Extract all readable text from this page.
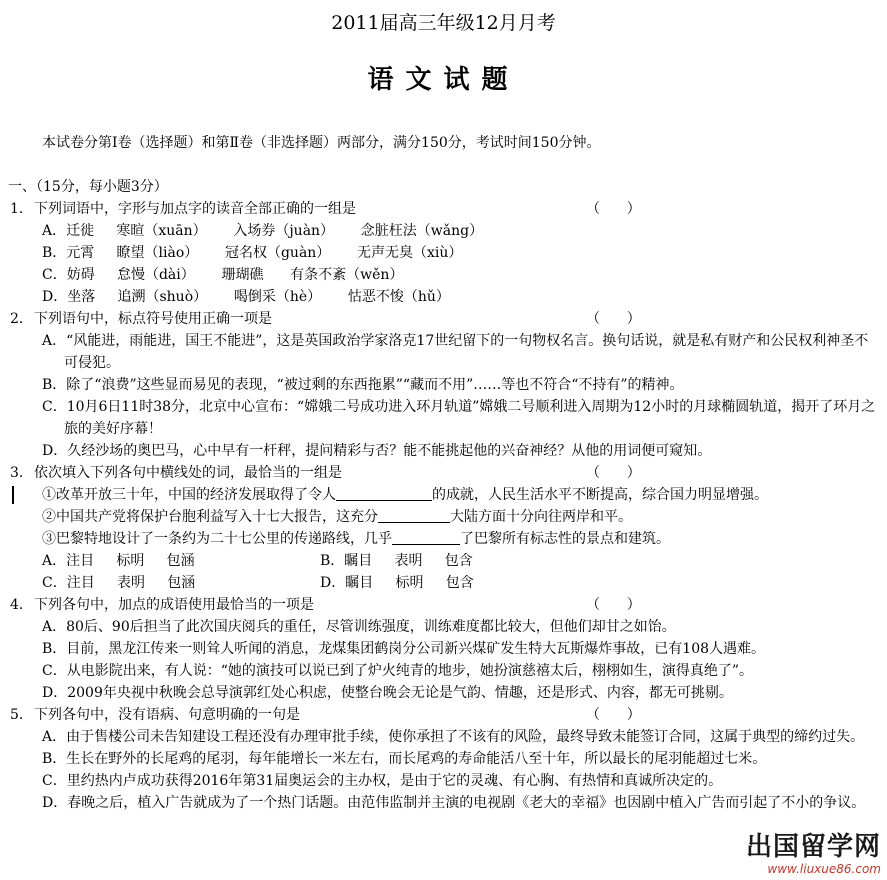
2011届高三年级12月月考
语文试题
本试卷分第Ⅰ卷（选择题）和第Ⅱ卷（非选择题）两部分，满分150分，考试时间150分钟。
一、（15分，每小题3分）
1． 下列词语中，字形与加点字的读音全部正确的一组是	（      ）
A．迁徙     寒暄（xuān）      入场券（juàn）      念脏枉法（wǎng）
B．元霄     瞭望（liào）      冠名权（guàn）      无声无臭（xiù）
C．妨碍     怠慢（dài）      珊瑚礁      有条不紊（wěn）
D．坐落     追溯（shuò）      喝倒采（hè）      怙恶不悛（hǔ）
2． 下列语句中，标点符号使用正确一项是	（      ）
A．“风能进，雨能进，国王不能进”，这是英国政治学家洛克17世纪留下的一句物权名言。换句话说，就是私有财产和公民权利神圣不可侵犯。
B．除了“浪费”这些显而易见的表现，“被过剩的东西拖累”“藏而不用”……等也不符合“不持有”的精神。
C．10月6日11时38分，北京中心宣布：“嫦娥二号成功进入环月轨道”嫦娥二号顺利进入周期为12小时的月球椭圆轨道，揭开了环月之旅的美好序幕！
D．久经沙场的奥巴马，心中早有一杆秤，提问精彩与否？能不能挑起他的兴奋神经？从他的用词便可窥知。
3． 依次填入下列各句中横线处的词，最恰当的一组是	（      ）
①改革开放三十年，中国的经济发展取得了令人	的成就，人民生活水平不断提高，综合国力明显增强。
②中国共产党将保护台胞利益写入十七大报告，这充分	大陆方面十分向往两岸和平。
③巴黎特地设计了一条约为二十七公里的传递路线，几乎	了巴黎所有标志性的景点和建筑。
A．注目     标明     包涵	B．瞩目     表明     包含
C．注目     表明     包涵	D．瞩目     标明     包含
4． 下列各句中，加点的成语使用最恰当的一项是	（      ）
A．80后、90后担当了此次国庆阅兵的重任，尽管训练强度，训练难度都比较大，但他们却甘之如饴。
B．目前，黑龙江传来一则耸人听闻的消息，龙煤集团鹤岗分公司新兴煤矿发生特大瓦斯爆炸事故，已有108人遇难。
C．从电影院出来，有人说：“她的演技可以说已到了炉火纯青的地步，她扮演慈禧太后，栩栩如生，演得真绝了”。
D．2009年央视中秋晚会总导演郭红处心积虑，使整台晚会无论是气韵、情趣，还是形式、内容，都无可挑剔。
5． 下列各句中，没有语病、句意明确的一句是	（      ）
A．由于售楼公司未告知建设工程还没有办理审批手续，使你承担了不该有的风险，最终导致未能签订合同，这属于典型的缔约过失。
B．生长在野外的长尾鸡的尾羽，每年能增长一米左右，而长尾鸡的寿命能活八至十年，所以最长的尾羽能超过七米。
C．里约热内卢成功获得2016年第31届奥运会的主办权，是由于它的灵魂、有心胸、有热情和真诚所决定的。
D．春晚之后，植入广告就成为了一个热门话题。由范伟监制并主演的电视剧《老大的幸福》也因剧中植入广告而引起了不小的争议。
出国留学网
www.liuxue86.com
